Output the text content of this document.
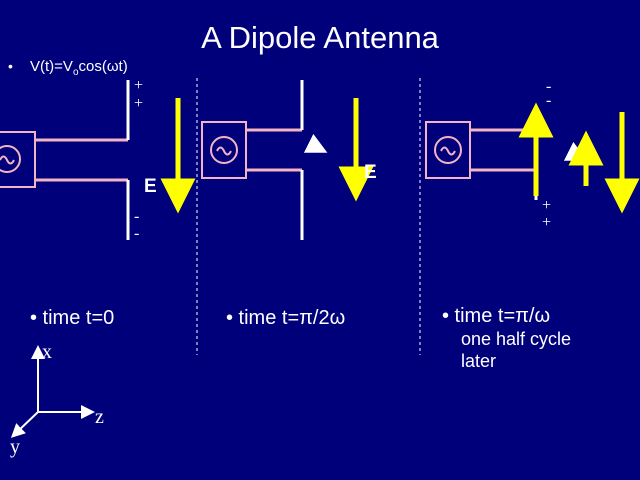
A Dipole Antenna
• $V(t)=V_o\cos(\omega t)$
+
+
E
-
-
• time t=0
E
• time t=π/2ω
-
-
+
+
• time t=π/ω
one half cycle
later
x
z
y
